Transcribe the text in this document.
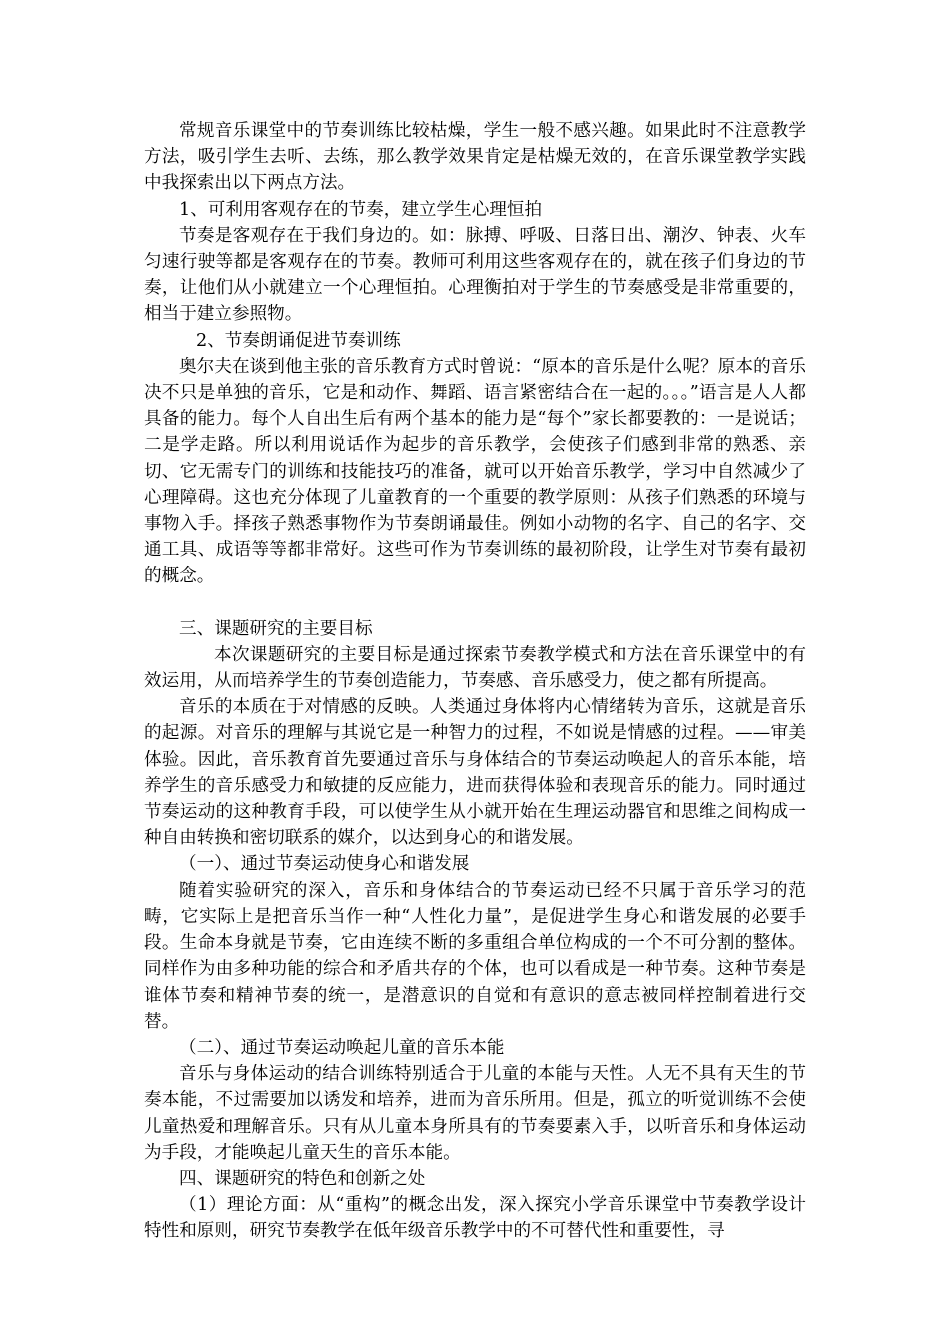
常规音乐课堂中的节奏训练比较枯燥，学生一般不感兴趣。如果此时不注意教学方法，吸引学生去听、去练，那么教学效果肯定是枯燥无效的，在音乐课堂教学实践中我探索出以下两点方法。

1、可利用客观存在的节奏，建立学生心理恒拍

节奏是客观存在于我们身边的。如：脉搏、呼吸、日落日出、潮汐、钟表、火车匀速行驶等都是客观存在的节奏。教师可利用这些客观存在的，就在孩子们身边的节奏，让他们从小就建立一个心理恒拍。心理衡拍对于学生的节奏感受是非常重要的，相当于建立参照物。

2、节奏朗诵促进节奏训练

奥尔夫在谈到他主张的音乐教育方式时曾说：“原本的音乐是什么呢？原本的音乐决不只是单独的音乐，它是和动作、舞蹈、语言紧密结合在一起的。。。”语言是人人都具备的能力。每个人自出生后有两个基本的能力是“每个”家长都要教的：一是说话；二是学走路。所以利用说话作为起步的音乐教学，会使孩子们感到非常的熟悉、亲切、它无需专门的训练和技能技巧的准备，就可以开始音乐教学，学习中自然减少了心理障碍。这也充分体现了儿童教育的一个重要的教学原则：从孩子们熟悉的环境与事物入手。择孩子熟悉事物作为节奏朗诵最佳。例如小动物的名字、自己的名字、交通工具、成语等等都非常好。这些可作为节奏训练的最初阶段，让学生对节奏有最初的概念。

三、课题研究的主要目标

本次课题研究的主要目标是通过探索节奏教学模式和方法在音乐课堂中的有效运用，从而培养学生的节奏创造能力，节奏感、音乐感受力，使之都有所提高。

音乐的本质在于对情感的反映。人类通过身体将内心情绪转为音乐，这就是音乐的起源。对音乐的理解与其说它是一种智力的过程，不如说是情感的过程。——审美体验。因此，音乐教育首先要通过音乐与身体结合的节奏运动唤起人的音乐本能，培养学生的音乐感受力和敏捷的反应能力，进而获得体验和表现音乐的能力。同时通过节奏运动的这种教育手段，可以使学生从小就开始在生理运动器官和思维之间构成一种自由转换和密切联系的媒介，以达到身心的和谐发展。

（一）、通过节奏运动使身心和谐发展

随着实验研究的深入，音乐和身体结合的节奏运动已经不只属于音乐学习的范畴，它实际上是把音乐当作一种“人性化力量”，是促进学生身心和谐发展的必要手段。生命本身就是节奏，它由连续不断的多重组合单位构成的一个不可分割的整体。同样作为由多种功能的综合和矛盾共存的个体，也可以看成是一种节奏。这种节奏是谁体节奏和精神节奏的统一，是潜意识的自觉和有意识的意志被同样控制着进行交替。

（二）、通过节奏运动唤起儿童的音乐本能

音乐与身体运动的结合训练特别适合于儿童的本能与天性。人无不具有天生的节奏本能，不过需要加以诱发和培养，进而为音乐所用。但是，孤立的听觉训练不会使儿童热爱和理解音乐。只有从儿童本身所具有的节奏要素入手，以听音乐和身体运动为手段，才能唤起儿童天生的音乐本能。

四、课题研究的特色和创新之处

（1）理论方面：从“重构”的概念出发，深入探究小学音乐课堂中节奏教学设计特性和原则，研究节奏教学在低年级音乐教学中的不可替代性和重要性，寻
